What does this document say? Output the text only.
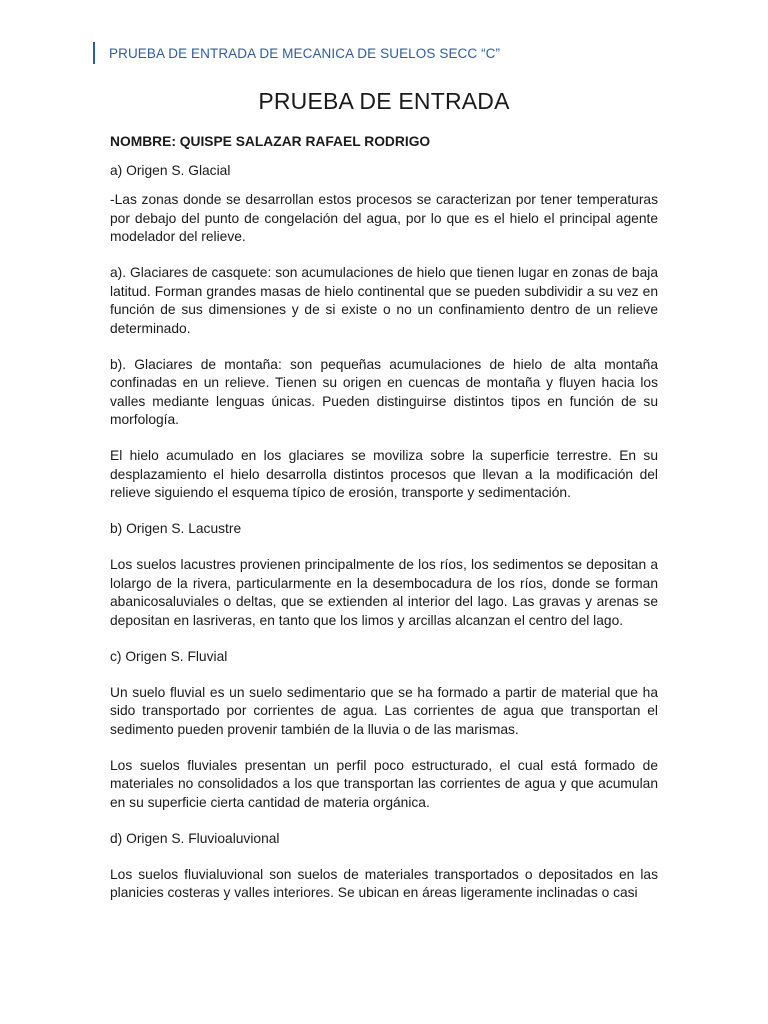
PRUEBA DE ENTRADA DE MECANICA DE SUELOS SECC “C”
PRUEBA DE ENTRADA

NOMBRE: QUISPE SALAZAR RAFAEL RODRIGO

a) Origen S. Glacial

-Las zonas donde se desarrollan estos procesos se caracterizan por tener temperaturas por debajo del punto de congelación del agua, por lo que es el hielo el principal agente modelador del relieve.

a). Glaciares de casquete: son acumulaciones de hielo que tienen lugar en zonas de baja latitud. Forman grandes masas de hielo continental que se pueden subdividir a su vez en función de sus dimensiones y de si existe o no un confinamiento dentro de un relieve determinado.

b). Glaciares de montaña: son pequeñas acumulaciones de hielo de alta montaña confinadas en un relieve. Tienen su origen en cuencas de montaña y fluyen hacia los valles mediante lenguas únicas. Pueden distinguirse distintos tipos en función de su morfología.

El hielo acumulado en los glaciares se moviliza sobre la superficie terrestre. En su desplazamiento el hielo desarrolla distintos procesos que llevan a la modificación del relieve siguiendo el esquema típico de erosión, transporte y sedimentación.

b) Origen S. Lacustre

Los suelos lacustres provienen principalmente de los ríos, los sedimentos se depositan a lolargo de la rivera, particularmente en la desembocadura de los ríos, donde se forman abanicosaluviales o deltas, que se extienden al interior del lago. Las gravas y arenas se depositan en lasriveras, en tanto que los limos y arcillas alcanzan el centro del lago.

c) Origen S. Fluvial

Un suelo fluvial es un suelo sedimentario que se ha formado a partir de material que ha sido transportado por corrientes de agua. Las corrientes de agua que transportan el sedimento pueden provenir también de la lluvia o de las marismas.

Los suelos fluviales presentan un perfil poco estructurado, el cual está formado de materiales no consolidados a los que transportan las corrientes de agua y que acumulan en su superficie cierta cantidad de materia orgánica.

d) Origen S. Fluvioaluvional

Los suelos fluvialuvional son suelos de materiales transportados o depositados en las planicies costeras y valles interiores. Se ubican en áreas ligeramente inclinadas o casi
